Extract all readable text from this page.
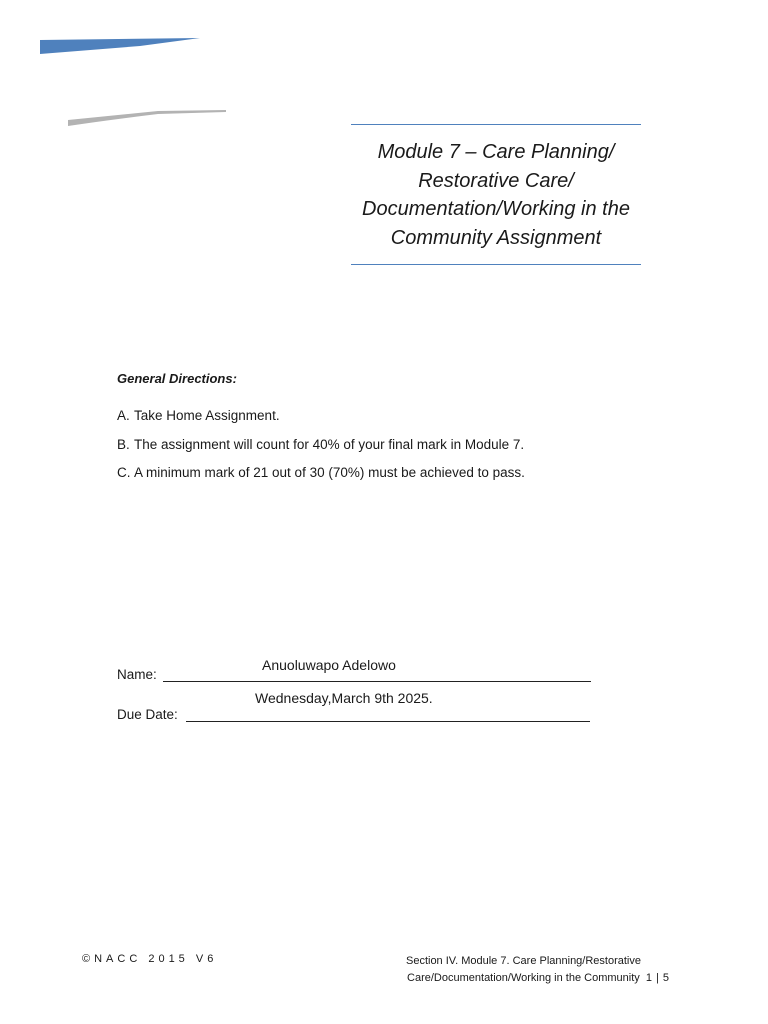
Module 7 – Care Planning/
Restorative Care/
Documentation/Working in the
Community Assignment
General Directions:
A. Take Home Assignment.
B. The assignment will count for 40% of your final mark in Module 7.
C. A minimum mark of 21 out of 30 (70%) must be achieved to pass.
Anuoluwapo Adelowo
Name:
Wednesday,March 9th 2025.
Due Date:
©NACC 2015 V6	Section IV. Module 7. Care Planning/Restorative
Care/Documentation/Working in the Community 1 | 5
